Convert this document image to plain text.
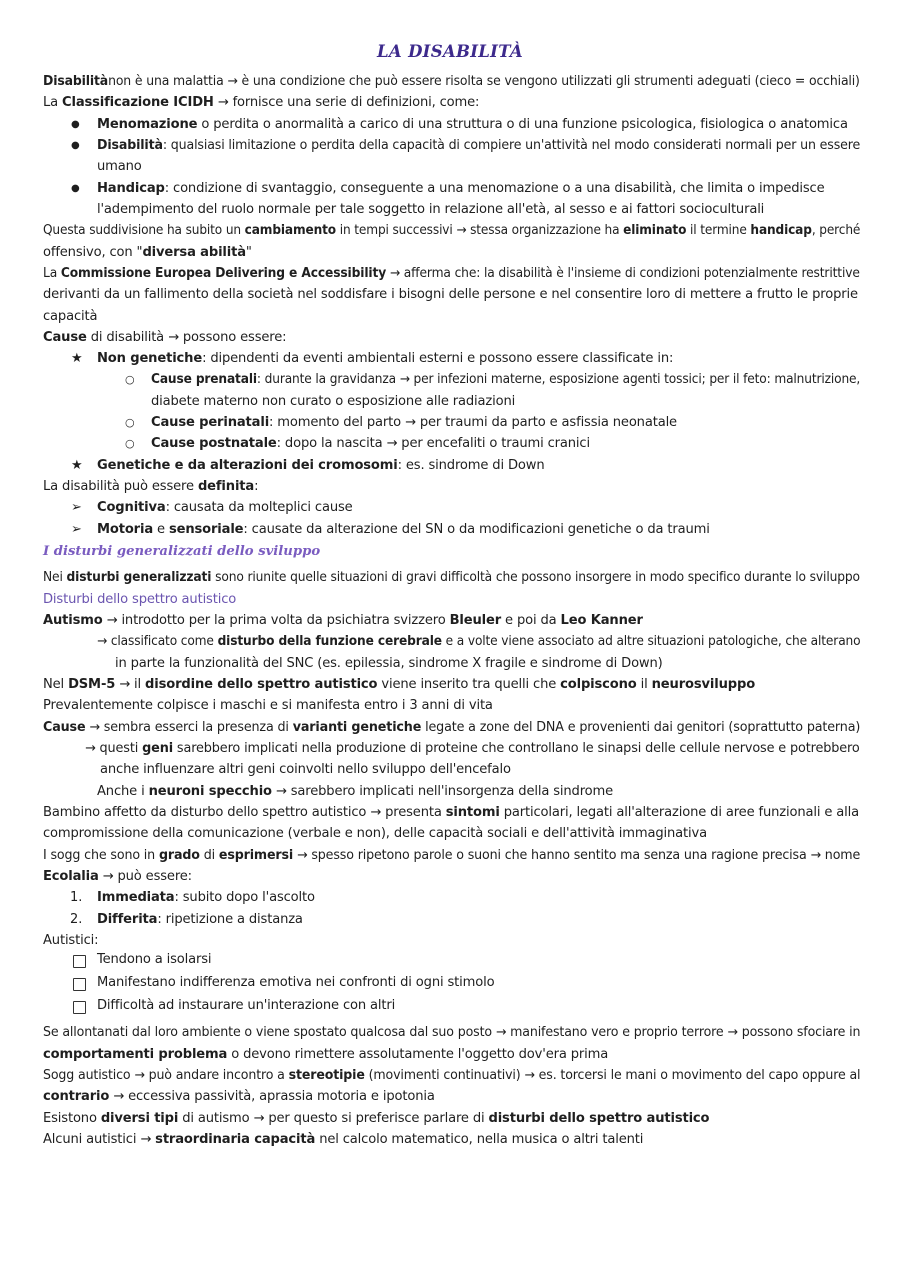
LA DISABILITÀ
I disturbi generalizzati dello sviluppo
Disabilitànon è una malattia → è una condizione che può essere risolta se vengono utilizzati gli strumenti adeguati (cieco = occhiali)
La Classificazione ICIDH → fornisce una serie di definizioni, come:
● Menomazione o perdita o anormalità a carico di una struttura o di una funzione psicologica, fisiologica o anatomica
● Disabilità: qualsiasi limitazione o perdita della capacità di compiere un'attività nel modo considerati normali per un essere
umano
● Handicap: condizione di svantaggio, conseguente a una menomazione o a una disabilità, che limita o impedisce
l'adempimento del ruolo normale per tale soggetto in relazione all'età, al sesso e ai fattori socioculturali
Questa suddivisione ha subito un cambiamento in tempi successivi → stessa organizzazione ha eliminato il termine handicap, perché
offensivo, con "diversa abilità"
La Commissione Europea Delivering e Accessibility → afferma che: la disabilità è l'insieme di condizioni potenzialmente restrittive
derivanti da un fallimento della società nel soddisfare i bisogni delle persone e nel consentire loro di mettere a frutto le proprie
capacità
Cause di disabilità → possono essere:
★ Non genetiche: dipendenti da eventi ambientali esterni e possono essere classificate in:
○ Cause prenatali: durante la gravidanza → per infezioni materne, esposizione agenti tossici; per il feto: malnutrizione,
diabete materno non curato o esposizione alle radiazioni
○ Cause perinatali: momento del parto → per traumi da parto e asfissia neonatale
○ Cause postnatale: dopo la nascita → per encefaliti o traumi cranici
★ Genetiche e da alterazioni dei cromosomi: es. sindrome di Down
La disabilità può essere definita:
➢ Cognitiva: causata da molteplici cause
➢ Motoria e sensoriale: causate da alterazione del SN o da modificazioni genetiche o da traumi
Nei disturbi generalizzati sono riunite quelle situazioni di gravi difficoltà che possono insorgere in modo specifico durante lo sviluppo
Disturbi dello spettro autistico
Autismo → introdotto per la prima volta da psichiatra svizzero Bleuler e poi da Leo Kanner
→ classificato come disturbo della funzione cerebrale e a volte viene associato ad altre situazioni patologiche, che alterano
in parte la funzionalità del SNC (es. epilessia, sindrome X fragile e sindrome di Down)
Nel DSM-5 → il disordine dello spettro autistico viene inserito tra quelli che colpiscono il neurosviluppo
Prevalentemente colpisce i maschi e si manifesta entro i 3 anni di vita
Cause → sembra esserci la presenza di varianti genetiche legate a zone del DNA e provenienti dai genitori (soprattutto paterna)
→ questi geni sarebbero implicati nella produzione di proteine che controllano le sinapsi delle cellule nervose e potrebbero
anche influenzare altri geni coinvolti nello sviluppo dell'encefalo
Anche i neuroni specchio → sarebbero implicati nell'insorgenza della sindrome
Bambino affetto da disturbo dello spettro autistico → presenta sintomi particolari, legati all'alterazione di aree funzionali e alla
compromissione della comunicazione (verbale e non), delle capacità sociali e dell'attività immaginativa
I sogg che sono in grado di esprimersi → spesso ripetono parole o suoni che hanno sentito ma senza una ragione precisa → nome
Ecolalia → può essere:
1. Immediata: subito dopo l'ascolto
2. Differita: ripetizione a distanza
Autistici:
Tendono a isolarsi
Manifestano indifferenza emotiva nei confronti di ogni stimolo
Difficoltà ad instaurare un'interazione con altri
Se allontanati dal loro ambiente o viene spostato qualcosa dal suo posto → manifestano vero e proprio terrore → possono sfociare in
comportamenti problema o devono rimettere assolutamente l'oggetto dov'era prima
Sogg autistico → può andare incontro a stereotipie (movimenti continuativi) → es. torcersi le mani o movimento del capo oppure al
contrario → eccessiva passività, aprassia motoria e ipotonia
Esistono diversi tipi di autismo → per questo si preferisce parlare di disturbi dello spettro autistico
Alcuni autistici → straordinaria capacità nel calcolo matematico, nella musica o altri talenti
